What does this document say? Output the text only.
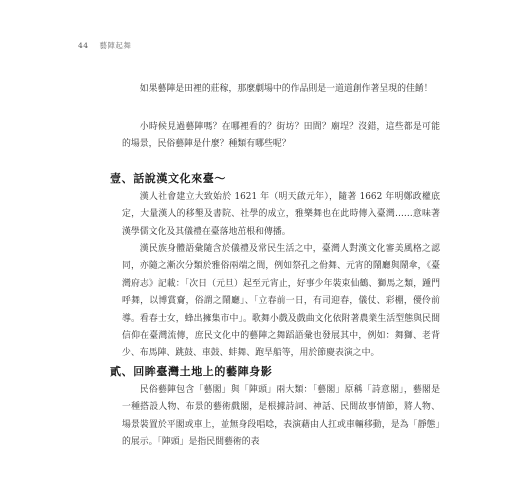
44 藝陣起舞

如果藝陣是田裡的莊稼，那麼劇場中的作品則是一道道創作著呈現的佳餚！

小時候見過藝陣嗎？在哪裡看的？街坊？田間？廟埕？沒錯，這些都是可能的場景，民俗藝陣是什麼？種類有哪些呢？

壹、話說漢文化來臺～

漢人社會建立大致始於 1621 年（明天啟元年），隨著 1662 年明鄭政權底定，大量漢人的移墾及書院、社學的成立，雅樂舞也在此時傳入臺灣……意味著漢學儒文化及其儀禮在臺落地茁根和傳播。

漢民族身體語彙隨含於儀禮及常民生活之中，臺灣人對漢文化審美風格之認同，亦隨之漸次分類於雅俗兩端之間，例如祭孔之佾舞、元宵的鬧廳與鬧傘，《臺灣府志》記載：「次日（元旦）起至元宵止，好事少年裝束仙鶴、獅馬之類，踵門呼舞，以博賞齎，俗謂之鬧廳」、「立春前一日，有司迎春，儀仗、彩棚，優伶前導。看春士女，蜂出擁集市中」。歌舞小戲及戲曲文化依附著農業生活型態與民間信仰在臺灣流傳，庶民文化中的藝陣之舞蹈語彙也發展其中，例如：舞獅、老背少、布馬陣、跳鼓、車鼓、蚌舞、跑旱船等，用於節慶表演之中。

貳、回眸臺灣土地上的藝陣身影

民俗藝陣包含「藝閣」與「陣頭」兩大類：「藝閣」原稱「詩意閣」，藝閣是一種搭設人物、布景的藝術戲閣，是根據詩詞、神話、民間故事情節，將人物、場景裝置於平閣或車上，並無身段唱唸，表演藉由人扛或車輛移動，是為「靜態」的展示。「陣頭」是指民間藝術的表
